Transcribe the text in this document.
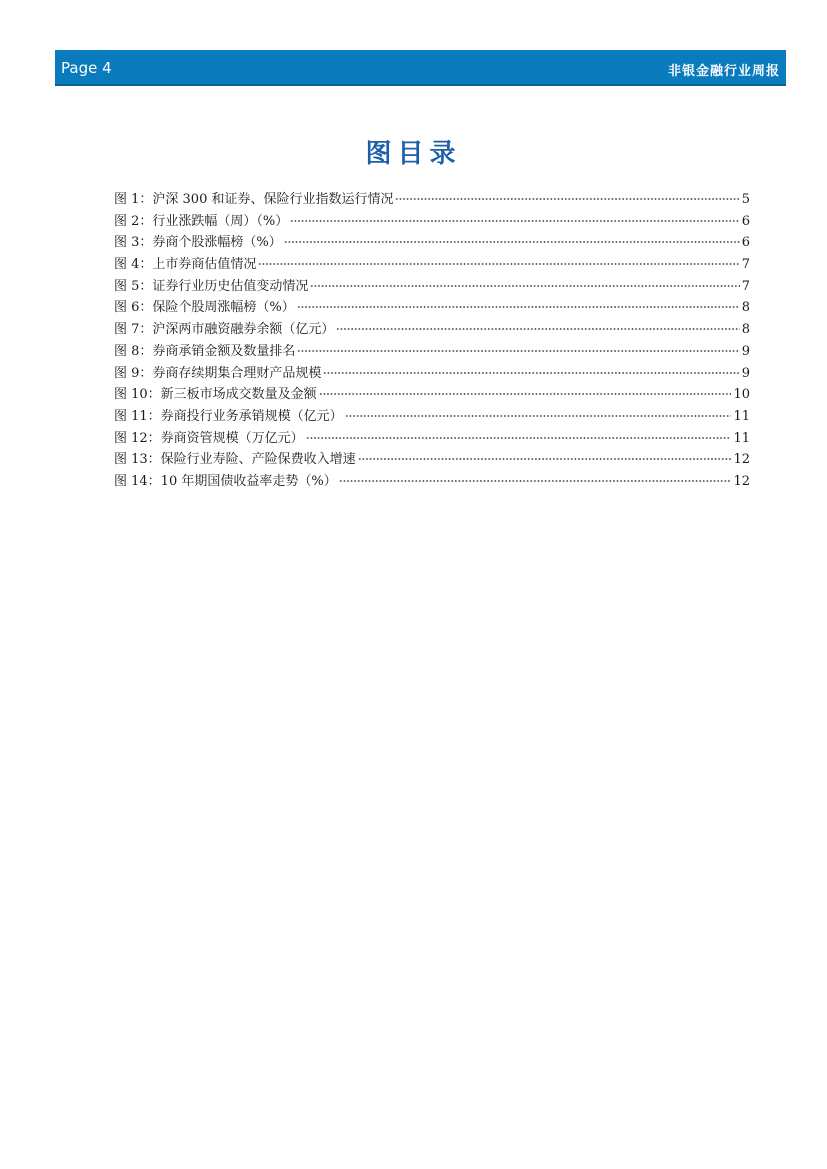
Page 4	非银金融行业周报
图目录
图 1：沪深 300 和证券、保险行业指数运行情况	5
图 2：行业涨跌幅（周）（%）	6
图 3：券商个股涨幅榜（%）	6
图 4：上市券商估值情况	7
图 5：证券行业历史估值变动情况	7
图 6：保险个股周涨幅榜（%）	8
图 7：沪深两市融资融券余额（亿元）	8
图 8：券商承销金额及数量排名	9
图 9：券商存续期集合理财产品规模	9
图 10：新三板市场成交数量及金额	10
图 11：券商投行业务承销规模（亿元）	11
图 12：券商资管规模（万亿元）	11
图 13：保险行业寿险、产险保费收入增速	12
图 14：10 年期国债收益率走势（%）	12
